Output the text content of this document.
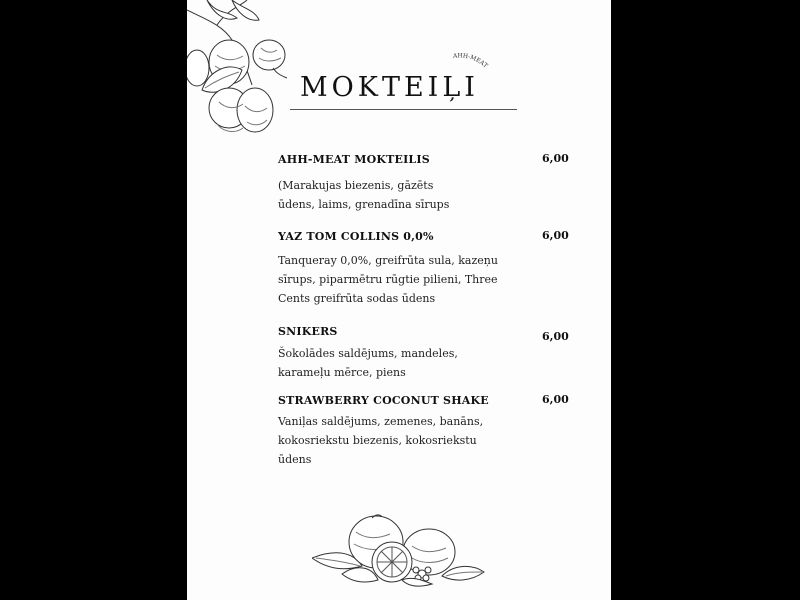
AHH-MEAT
MOKTEIĻI
AHH-MEAT MOKTEILIS	6,00
(Marakujas biezenis, gāzēts
ūdens, laims, grenadīna sīrups
YAZ TOM COLLINS 0,0%	6,00
Tanqueray 0,0%, greifrūta sula, kazeņu
sīrups, piparmētru rūgtie pilieni, Three
Cents greifrūta sodas ūdens
SNIKERS	6,00
Šokolādes saldējums, mandeles,
karameļu mērce, piens
STRAWBERRY COCONUT SHAKE	6,00
Vaniļas saldējums, zemenes, banāns,
kokosriekstu biezenis, kokosriekstu
ūdens
